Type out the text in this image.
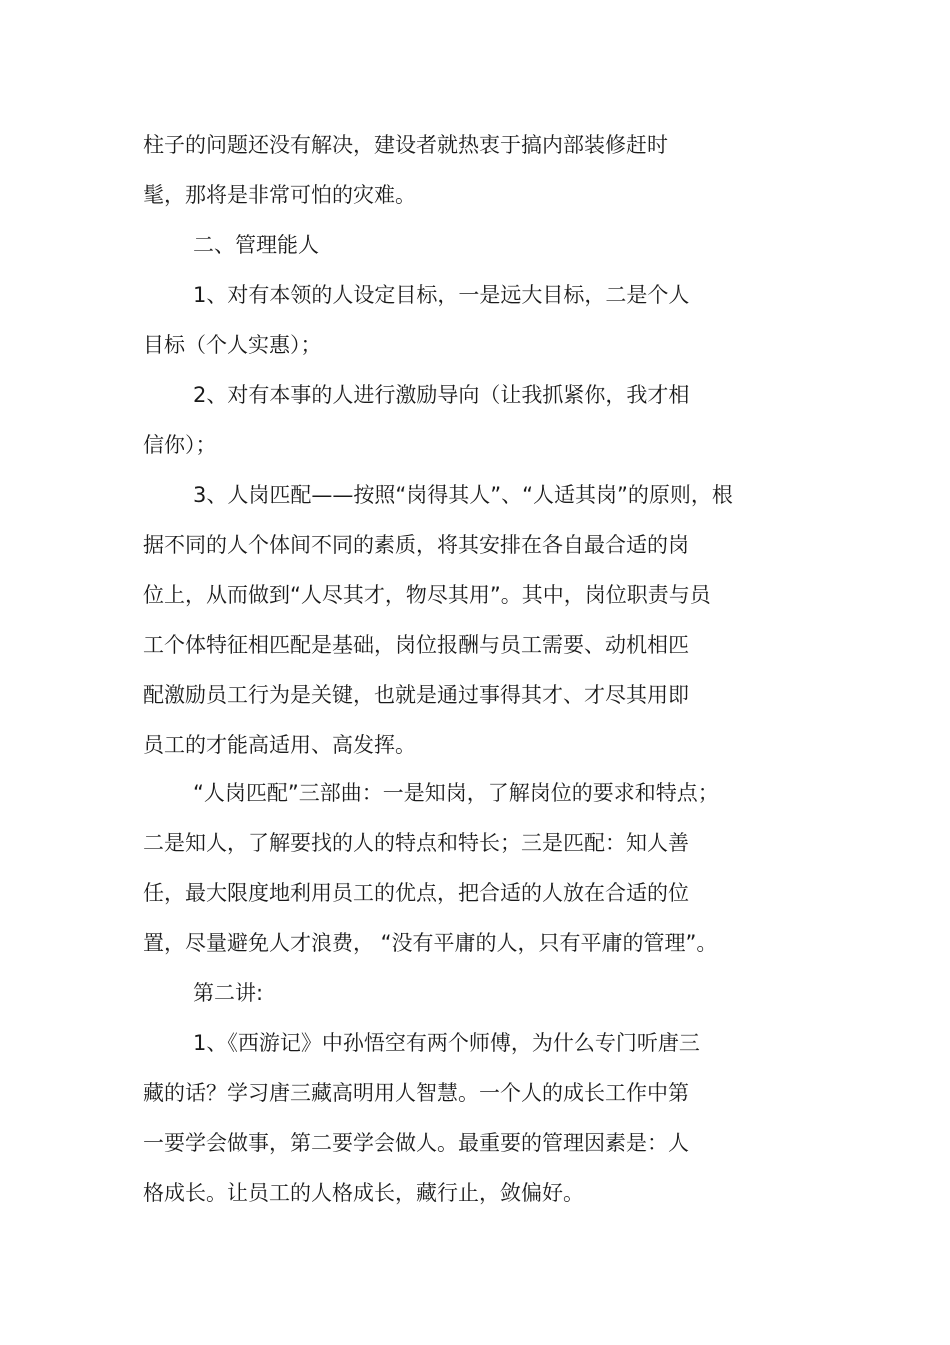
柱子的问题还没有解决，建设者就热衷于搞内部装修赶时
髦，那将是非常可怕的灾难。
二、管理能人
1、对有本领的人设定目标，一是远大目标，二是个人
目标（个人实惠）；
2、对有本事的人进行激励导向（让我抓紧你，我才相
信你）；
3、人岗匹配——按照“岗得其人”、“人适其岗”的原则，根
据不同的人个体间不同的素质，将其安排在各自最合适的岗
位上，从而做到“人尽其才，物尽其用”。其中，岗位职责与员
工个体特征相匹配是基础，岗位报酬与员工需要、动机相匹
配激励员工行为是关键，也就是通过事得其才、才尽其用即
员工的才能高适用、高发挥。
“人岗匹配”三部曲：一是知岗，了解岗位的要求和特点；
二是知人，了解要找的人的特点和特长；三是匹配：知人善
任，最大限度地利用员工的优点，把合适的人放在合适的位
置，尽量避免人才浪费， “没有平庸的人，只有平庸的管理”。
第二讲:
1、《西游记》中孙悟空有两个师傅，为什么专门听唐三
藏的话？学习唐三藏高明用人智慧。一个人的成长工作中第
一要学会做事，第二要学会做人。最重要的管理因素是：人
格成长。让员工的人格成长，藏行止，敛偏好。
